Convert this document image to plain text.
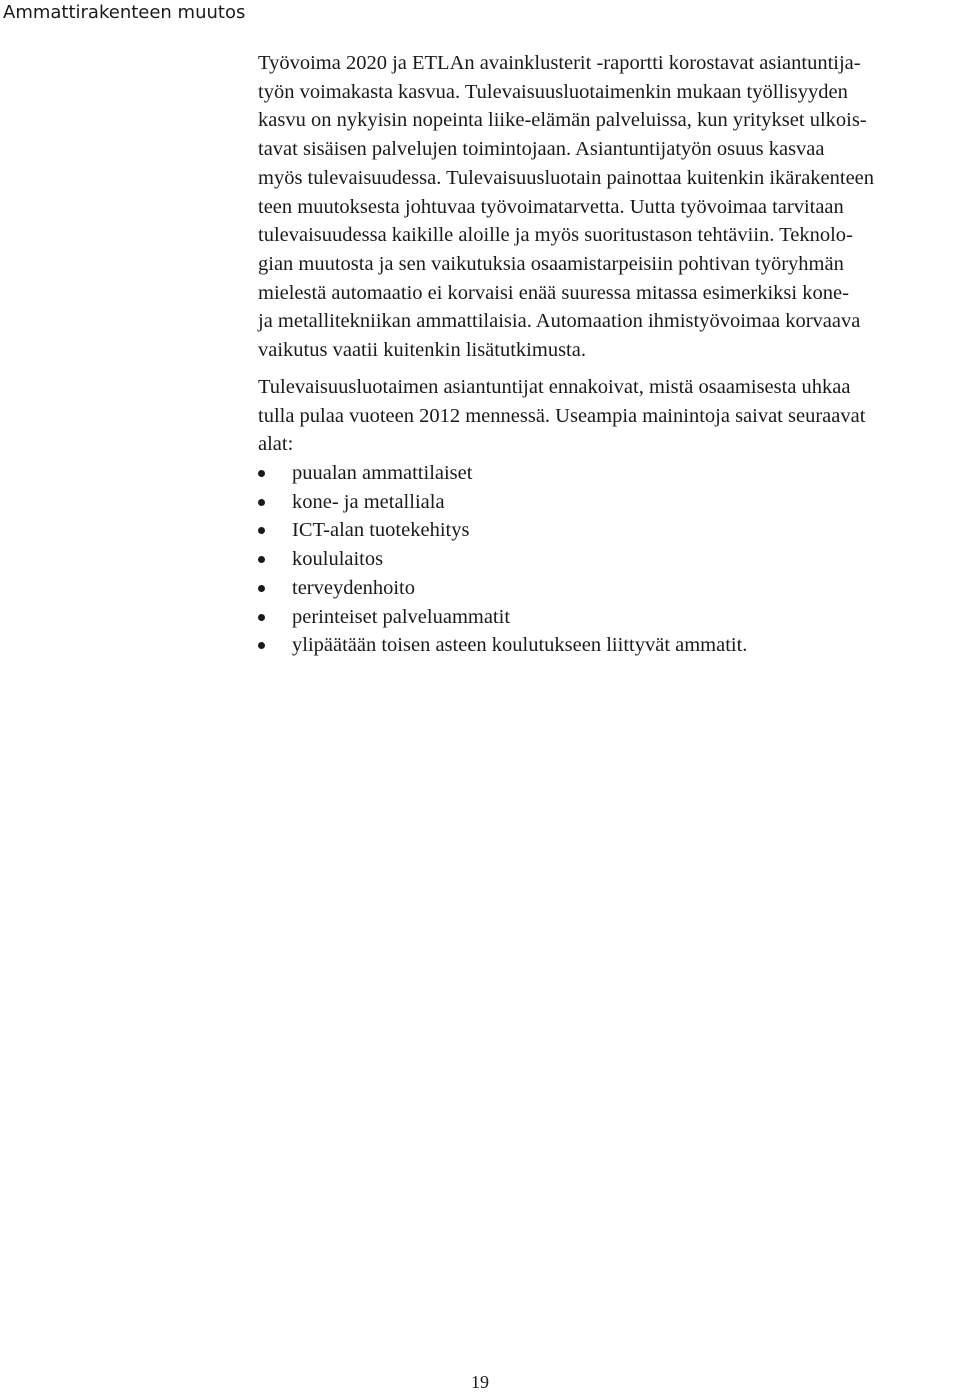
Ammattirakenteen muutos
Työvoima 2020 ja ETLAn avainklusterit -raportti korostavat asiantuntija-
työn voimakasta kasvua. Tulevaisuusluotaimenkin mukaan työllisyyden
kasvu on nykyisin nopeinta liike-elämän palveluissa, kun yritykset ulkois-
tavat sisäisen palvelujen toimintojaan. Asiantuntijatyön osuus kasvaa
myös tulevaisuudessa. Tulevaisuusluotain painottaa kuitenkin ikärakenteen
teen muutoksesta johtuvaa työvoimatarvetta. Uutta työvoimaa tarvitaan
tulevaisuudessa kaikille aloille ja myös suoritustason tehtäviin. Teknolo-
gian muutosta ja sen vaikutuksia osaamistarpeisiin pohtivan työryhmän
mielestä automaatio ei korvaisi enää suuressa mitassa esimerkiksi kone-
ja metallitekniikan ammattilaisia. Automaation ihmistyövoimaa korvaava
vaikutus vaatii kuitenkin lisätutkimusta.
Tulevaisuusluotaimen asiantuntijat ennakoivat, mistä osaamisesta uhkaa
tulla pulaa vuoteen 2012 mennessä. Useampia mainintoja saivat seuraavat
alat:
puualan ammattilaiset
kone- ja metalliala
ICT-alan tuotekehitys
koululaitos
terveydenhoito
perinteiset palveluammatit
ylipäätään toisen asteen koulutukseen liittyvät ammatit.
19
